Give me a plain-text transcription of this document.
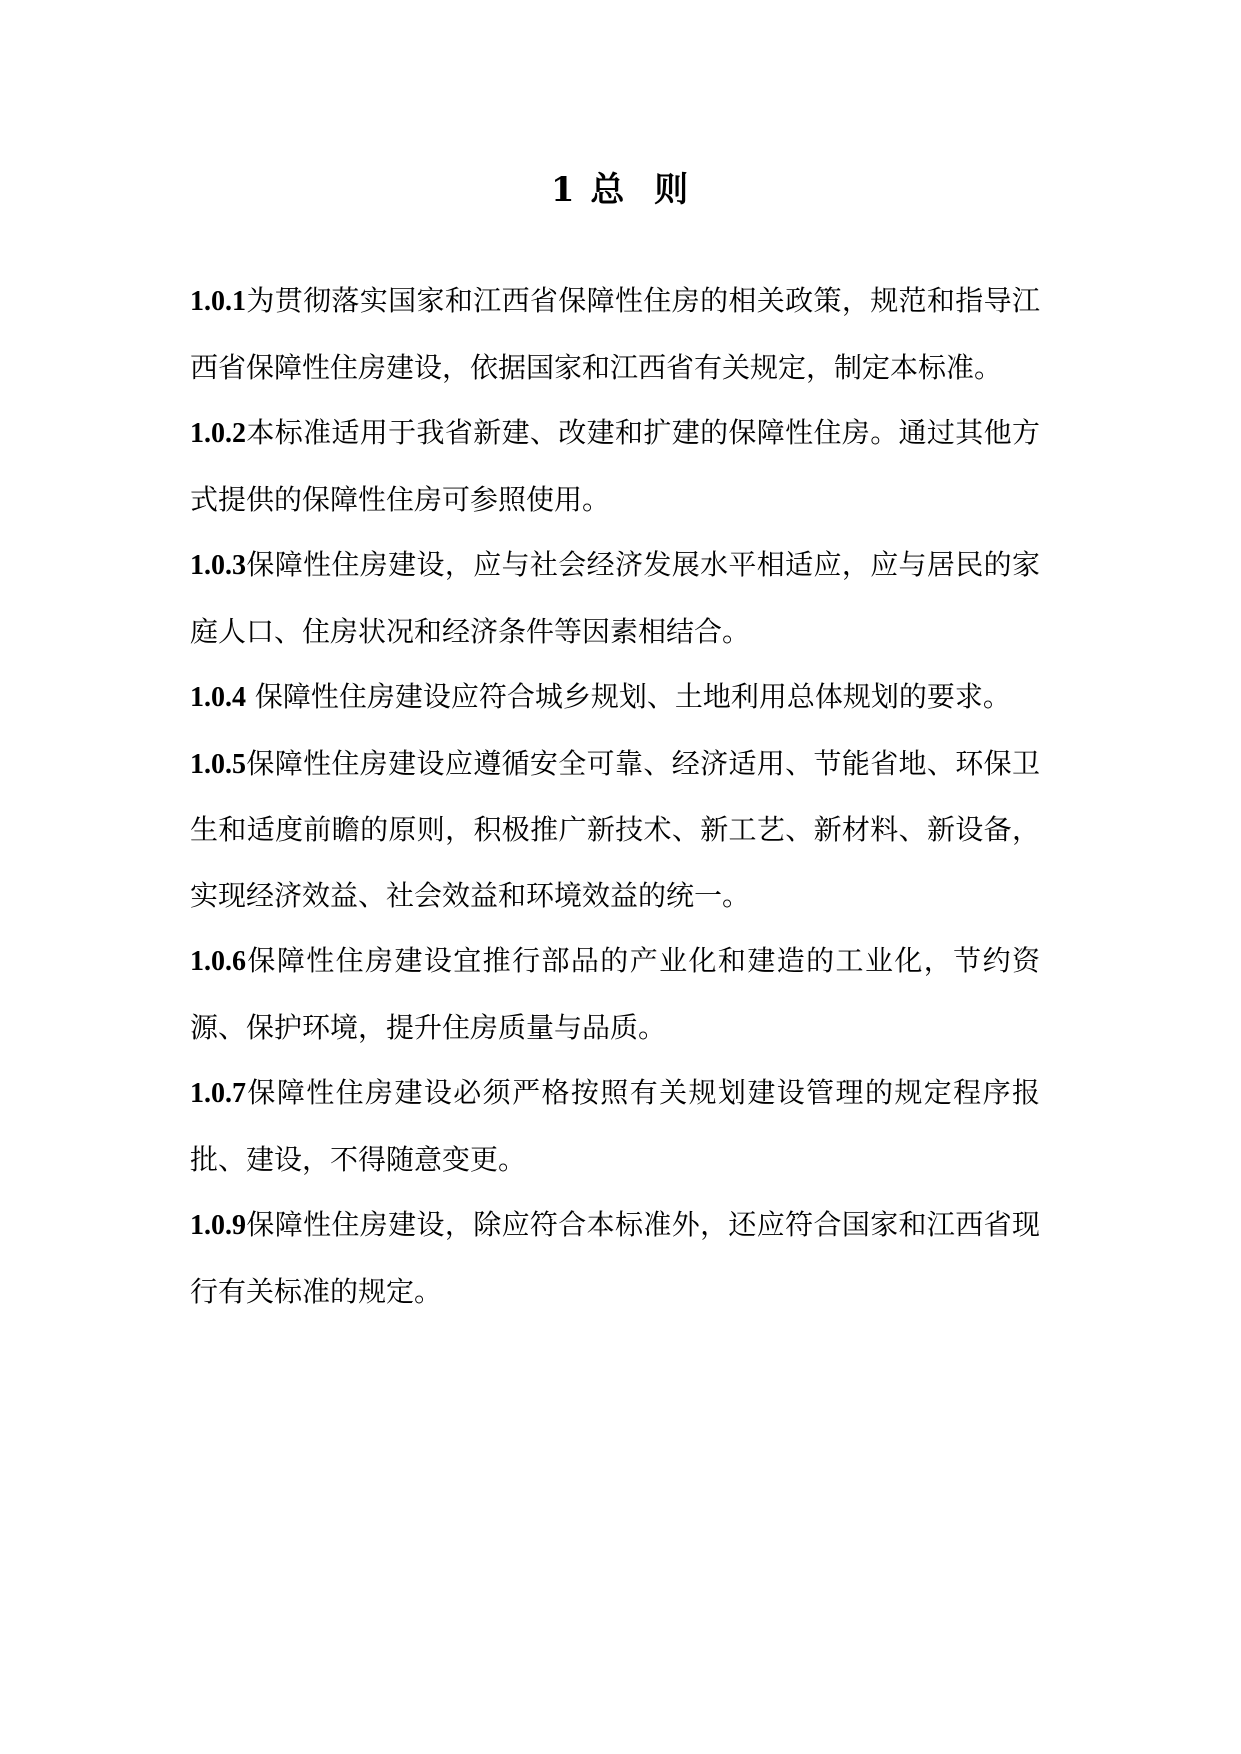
1 总  则

1.0.1为贯彻落实国家和江西省保障性住房的相关政策，规范和指导江西省保障性住房建设，依据国家和江西省有关规定，制定本标准。

1.0.2本标准适用于我省新建、改建和扩建的保障性住房。通过其他方式提供的保障性住房可参照使用。

1.0.3保障性住房建设，应与社会经济发展水平相适应，应与居民的家庭人口、住房状况和经济条件等因素相结合。

1.0.4 保障性住房建设应符合城乡规划、土地利用总体规划的要求。

1.0.5保障性住房建设应遵循安全可靠、经济适用、节能省地、环保卫生和适度前瞻的原则，积极推广新技术、新工艺、新材料、新设备，实现经济效益、社会效益和环境效益的统一。

1.0.6保障性住房建设宜推行部品的产业化和建造的工业化，节约资源、保护环境，提升住房质量与品质。

1.0.7保障性住房建设必须严格按照有关规划建设管理的规定程序报批、建设，不得随意变更。

1.0.9保障性住房建设，除应符合本标准外，还应符合国家和江西省现行有关标准的规定。
